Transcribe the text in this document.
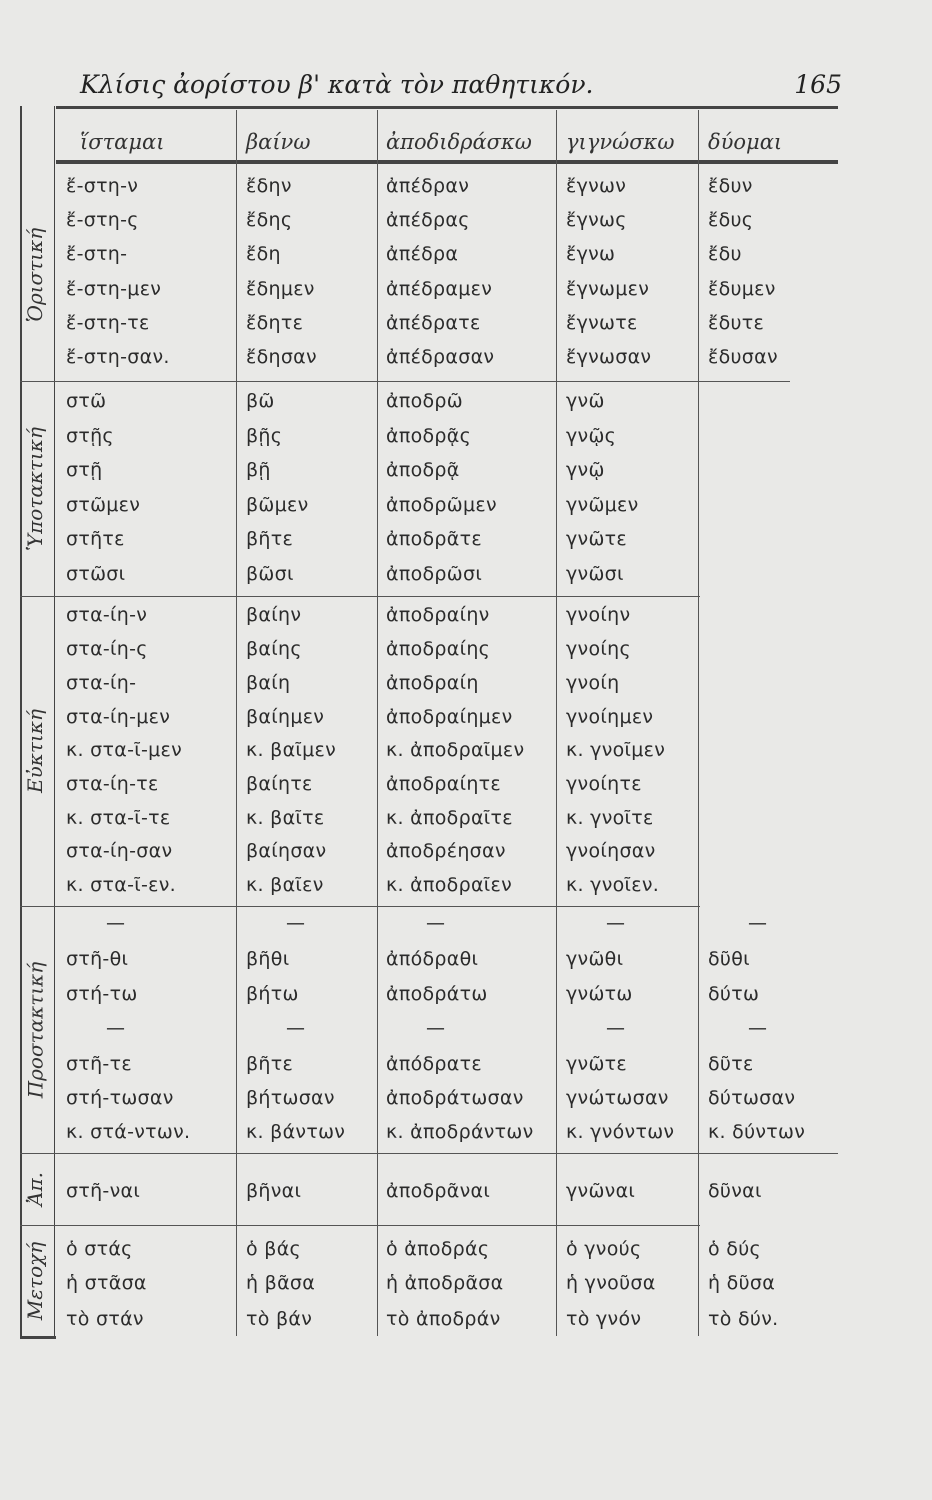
Κλίσις ἀορίστου β' κατὰ τὸν παθητικόν.	165
ἵσταμαι	βαίνω	ἀποδιδράσκω γιγνώσκω δύομαι
Ὁριστική
Ὑποτακτική
Εὐκτική
Προστακτική
Ἀπ.
Μετοχή
ἔ-στη-ν	ἔδην	ἀπέδραν	ἔγνων	ἔδυν
ἔ-στη-ς	ἔδης	ἀπέδρας	ἔγνως	ἔδυς
ἔ-στη-	ἔδη	ἀπέδρα	ἔγνω	ἔδυ
ἔ-στη-μεν	ἔδημεν	ἀπέδραμεν	ἔγνωμεν	ἔδυμεν
ἔ-στη-τε	ἔδητε	ἀπέδρατε	ἔγνωτε	ἔδυτε
ἔ-στη-σαν.	ἔδησαν	ἀπέδρασαν	ἔγνωσαν	ἔδυσαν
στῶ	βῶ	ἀποδρῶ	γνῶ
στῇς	βῇς	ἀποδρᾷς	γνῷς
στῇ	βῇ	ἀποδρᾷ	γνῷ
στῶμεν	βῶμεν	ἀποδρῶμεν	γνῶμεν
στῆτε	βῆτε	ἀποδρᾶτε	γνῶτε
στῶσι	βῶσι	ἀποδρῶσι	γνῶσι
στα-ίη-ν	βαίην	ἀποδραίην	γνοίην
στα-ίη-ς	βαίης	ἀποδραίης	γνοίης
στα-ίη-	βαίη	ἀποδραίη	γνοίη
στα-ίη-μεν	βαίημεν	ἀποδραίημεν	γνοίημεν
κ. στα-ῖ-μεν	κ. βαῖμεν	κ. ἀποδραῖμεν κ. γνοῖμεν
στα-ίη-τε	βαίητε	ἀποδραίητε	γνοίητε
κ. στα-ῖ-τε	κ. βαῖτε	κ. ἀποδραῖτε	κ. γνοῖτε
στα-ίη-σαν	βαίησαν	ἀποδρέησαν	γνοίησαν
κ. στα-ῖ-εν.	κ. βαῖεν	κ. ἀποδραῖεν	κ. γνοῖεν.
—	—	—	—	—
στῆ-θι	βῆθι	ἀπόδραθι	γνῶθι	δῦθι
στή-τω	βήτω	ἀποδράτω	γνώτω	δύτω
—	—	—	—	—
στῆ-τε	βῆτε	ἀπόδρατε	γνῶτε	δῦτε
στή-τωσαν	βήτωσαν	ἀποδράτωσαν γνώτωσαν δύτωσαν
κ. στά-ντων.	κ. βάντων κ. ἀποδράντων κ. γνόντων κ. δύντων
στῆ-ναι	βῆναι	ἀποδρᾶναι	γνῶναι	δῦναι
ὁ στάς	ὁ βάς	ὁ ἀποδράς	ὁ γνούς	ὁ δύς
ἡ στᾶσα	ἡ βᾶσα	ἡ ἀποδρᾶσα	ἡ γνοῦσα	ἡ δῦσα
τὸ στάν	τὸ βάν	τὸ ἀποδράν	τὸ γνόν	τὸ δύν.
